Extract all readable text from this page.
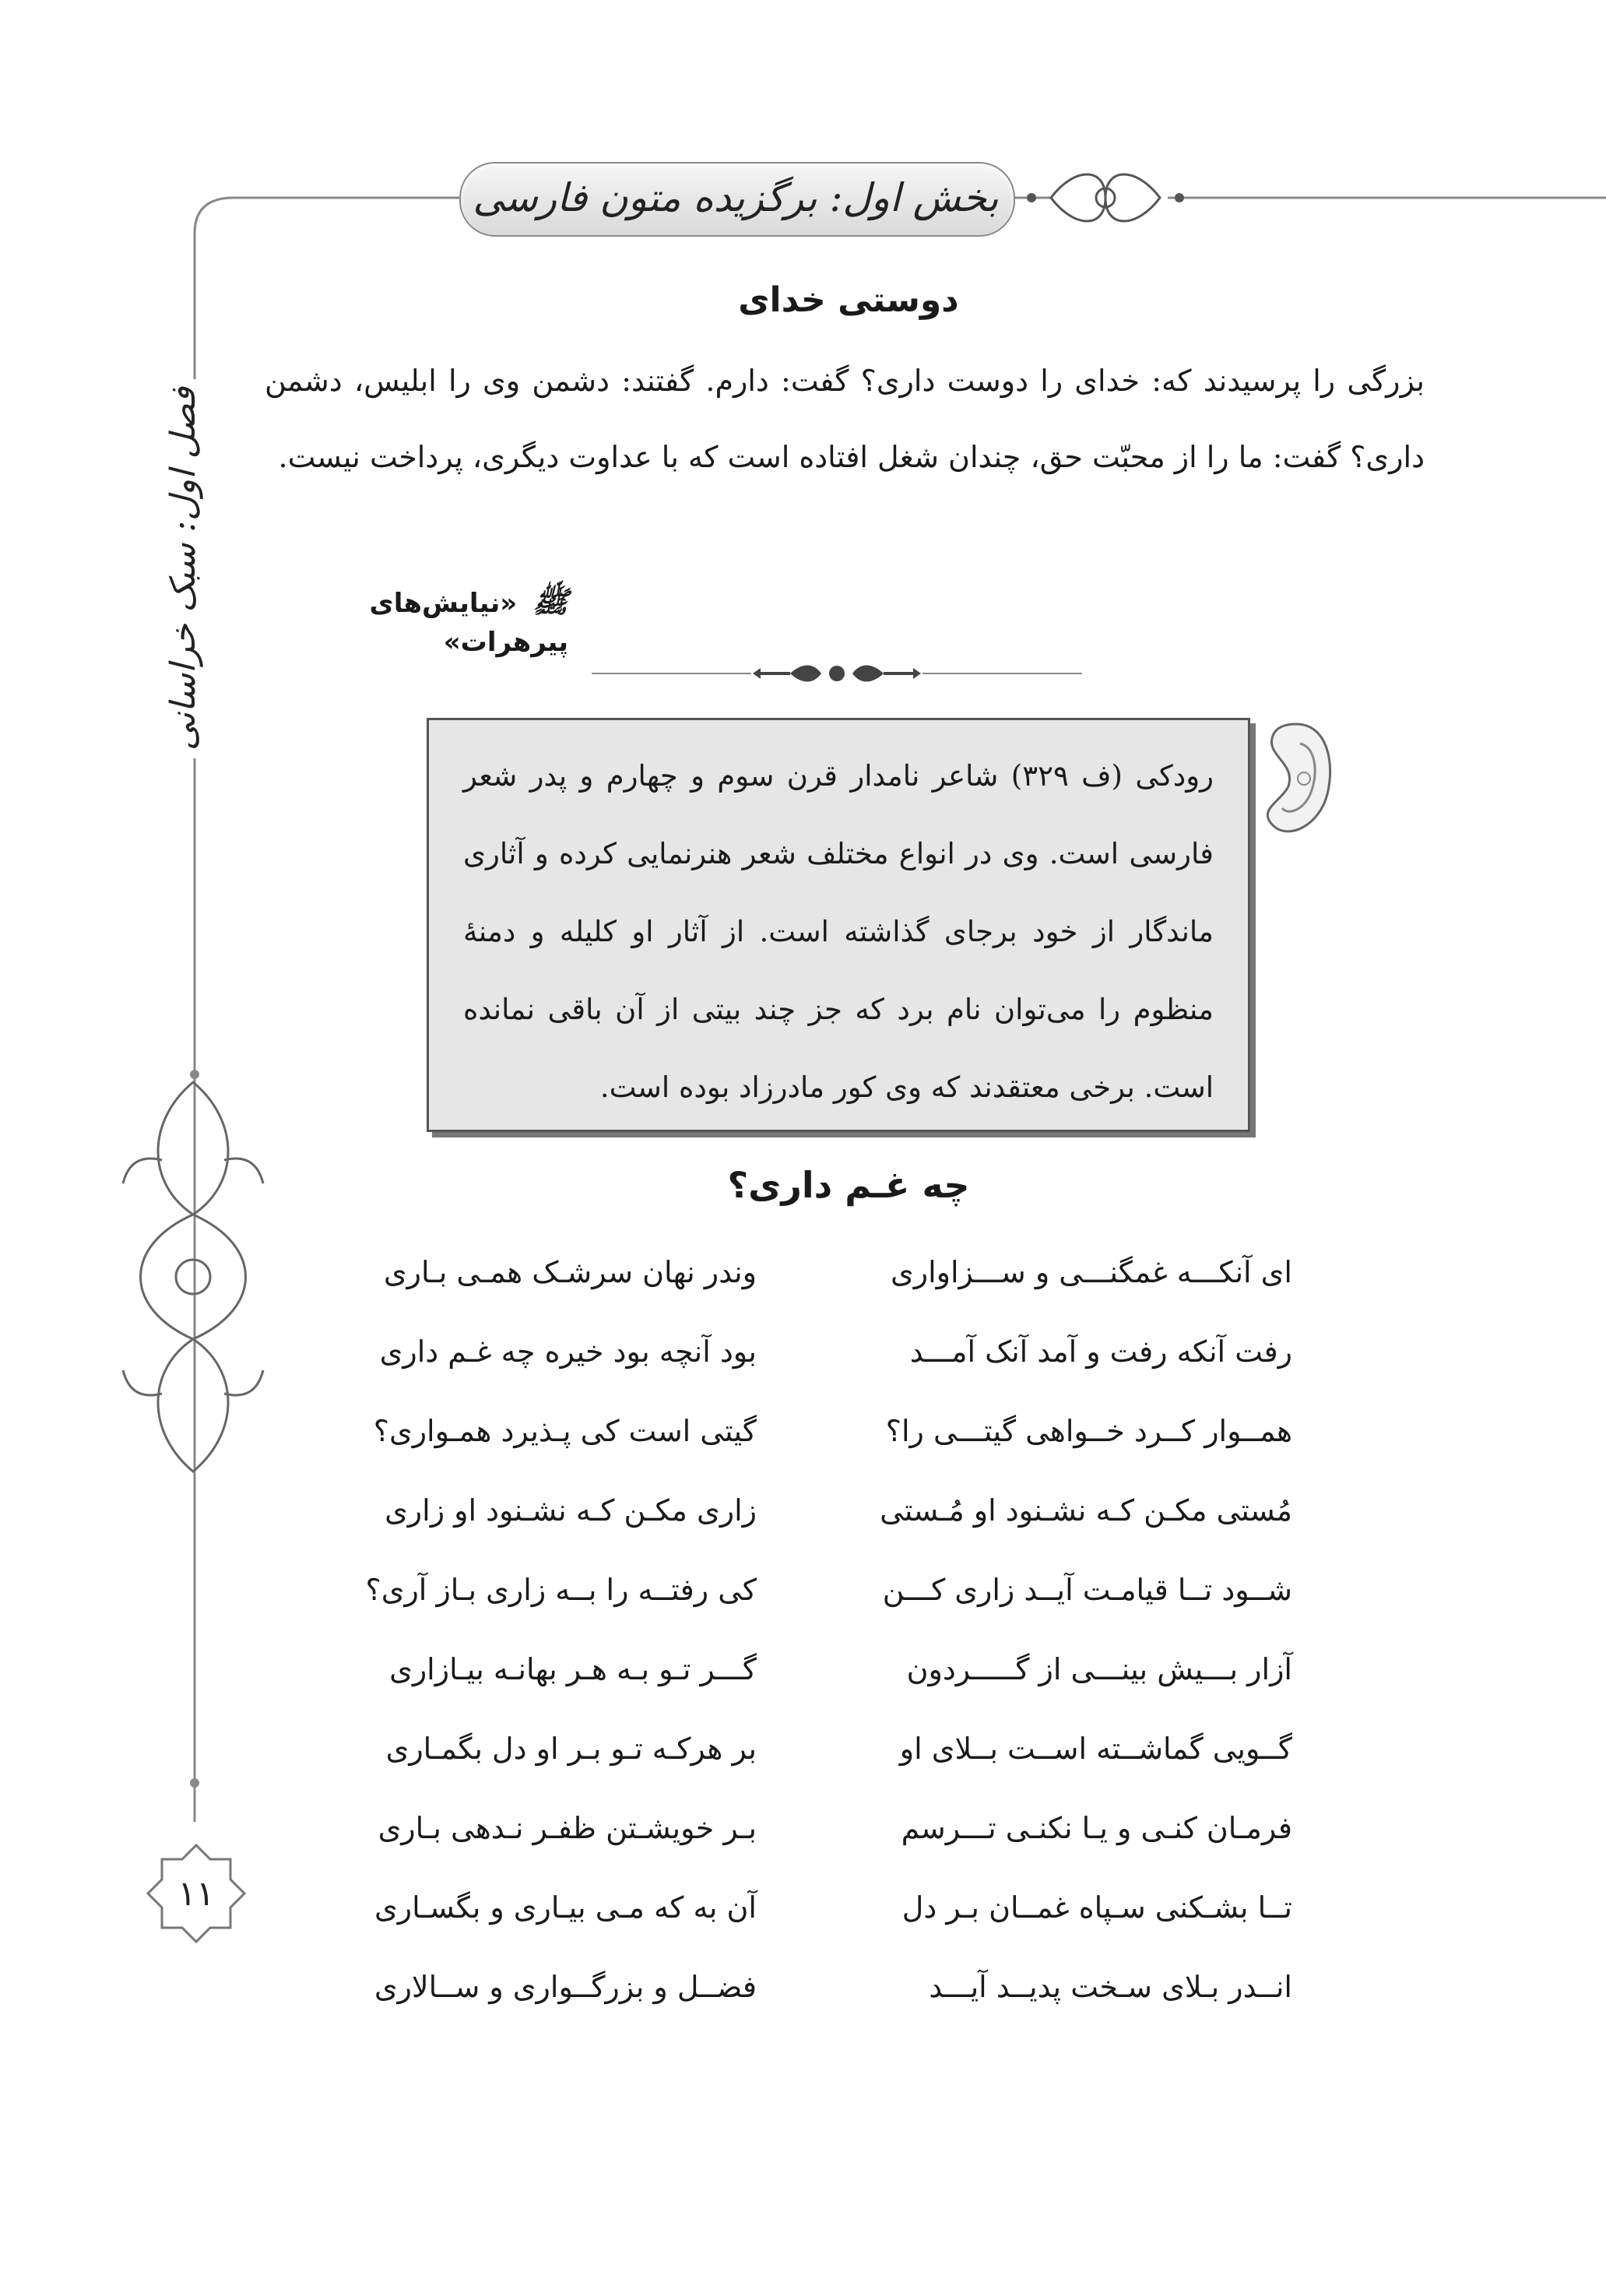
بخش اول: برگزیده متون فارسی
فصل اول: سبک خراسانی
۱۱
دوستی خدای
بزرگی را پرسیدند که: خدای را دوست داری؟ گفت: دارم. گفتند: دشمن وی را ابلیس، دشمن داری؟ گفت: ما را از محبّت حق، چندان شغل افتاده است که با عداوت دیگری، پرداخت نیست.
ﷺ «نیایش‌های پیرهرات»
رودکی (ف ۳۲۹) شاعر نامدار قرن سوم و چهارم و پدر شعر فارسی است. وی در انواع مختلف شعر هنرنمایی کرده و آثاری ماندگار از خود برجای گذاشته است. از آثار او کلیله و دمنهٔ منظوم را می‌توان نام برد که جز چند بیتی از آن باقی نمانده است. برخی معتقدند که وی کور مادرزاد بوده است.
چه غـم داری؟
ای آنکـــه غمگنـــی و ســـزاواری
وندر نهان سرشـک همـی بـاری
رفت آنکه رفت و آمد آنک آمـــد
بود آنچه بود خیره چه غـم داری
همــوار کــرد خــواهی گیتـــی را؟
گیتی است کی پـذیرد همـواری؟
مُستی مکـن کـه نشـنود او مُـستی
زاری مکـن کـه نشـنود او زاری
شــود تــا قیامـت آیــد زاری کـــن
کی رفتــه را بــه زاری بـاز آری؟
آزار بـــیش بینـــی از گـــــردون
گـــر تـو بـه هـر بهانـه بیـازاری
گــویی گماشــته اســت بــلای او
بر هرکـه تـو بـر او دل بگمـاری
فرمـان کنـی و یـا نکنـی تـــرسم
بـر خویشـتن ظفـر نـدهی بـاری
تــا بشـکنی سـپاه غمــان بـر دل
آن به که مـی بیـاری و بگسـاری
انــدر بـلای سـخت پدیــد آیـــد
فضــل و بزرگــواری و ســالاری
